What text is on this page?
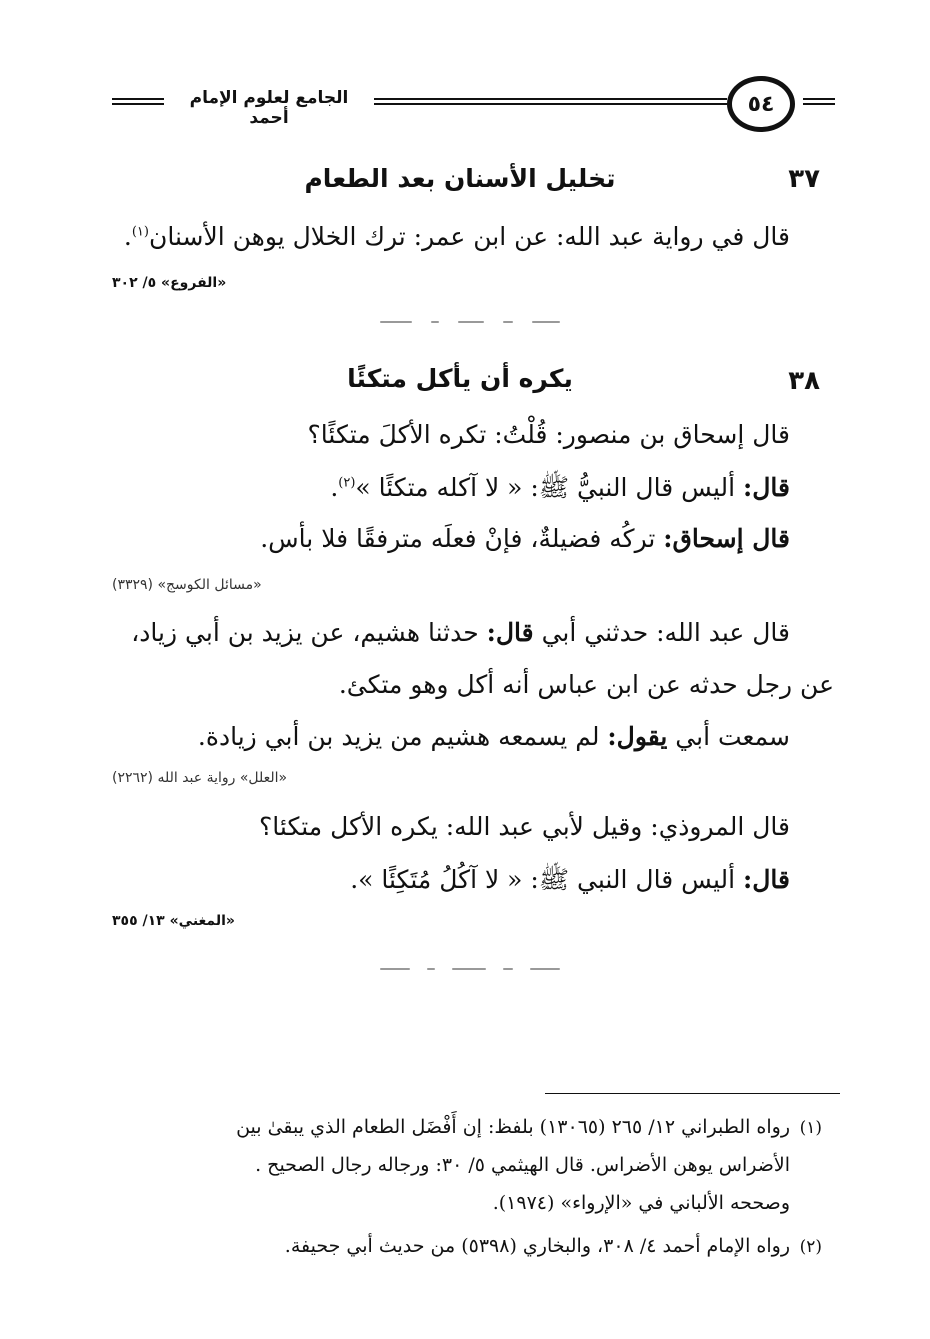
٥٤
الجامع لعلوم الإمام أحمد
٣٧
تخليل الأسنان بعد الطعام
قال في رواية عبد الله: عن ابن عمر: ترك الخلال يوهن الأسنان$^{(١)}$.
«الفروع» ٥/ ٣٠٢
٣٨
يكره أن يأكل متكئًا
قال إسحاق بن منصور: قُلْتُ: تكره الأكلَ متكئًا؟
قال: أليس قال النبيُّ ﷺ: « لا آكله متكئًا »$^{(٢)}$.
قال إسحاق: تركُه فضيلةٌ، فإنْ فعلَه مترفقًا فلا بأس.
«مسائل الكوسج» (٣٣٢٩)
قال عبد الله: حدثني أبي قال: حدثنا هشيم، عن يزيد بن أبي زياد،
عن رجل حدثه عن ابن عباس أنه أكل وهو متكئ.
سمعت أبي يقول: لم يسمعه هشيم من يزيد بن أبي زيادة.
«العلل» رواية عبد الله (٢٢٦٢)
قال المروذي: وقيل لأبي عبد الله: يكره الأكل متكئا؟
قال: أليس قال النبي ﷺ: « لا آكُلُ مُتَكِئًا ».
«المغني» ١٣/ ٣٥٥
(١)
رواه الطبراني ١٢/ ٢٦٥ (١٣٠٦٥) بلفظ: إن أَفْضَل الطعام الذي يبقىٰ بين
الأضراس يوهن الأضراس. قال الهيثمي ٥/ ٣٠: ورجاله رجال الصحيح .
وصححه الألباني في «الإرواء» (١٩٧٤).
(٢)
رواه الإمام أحمد ٤/ ٣٠٨، والبخاري (٥٣٩٨) من حديث أبي جحيفة.
